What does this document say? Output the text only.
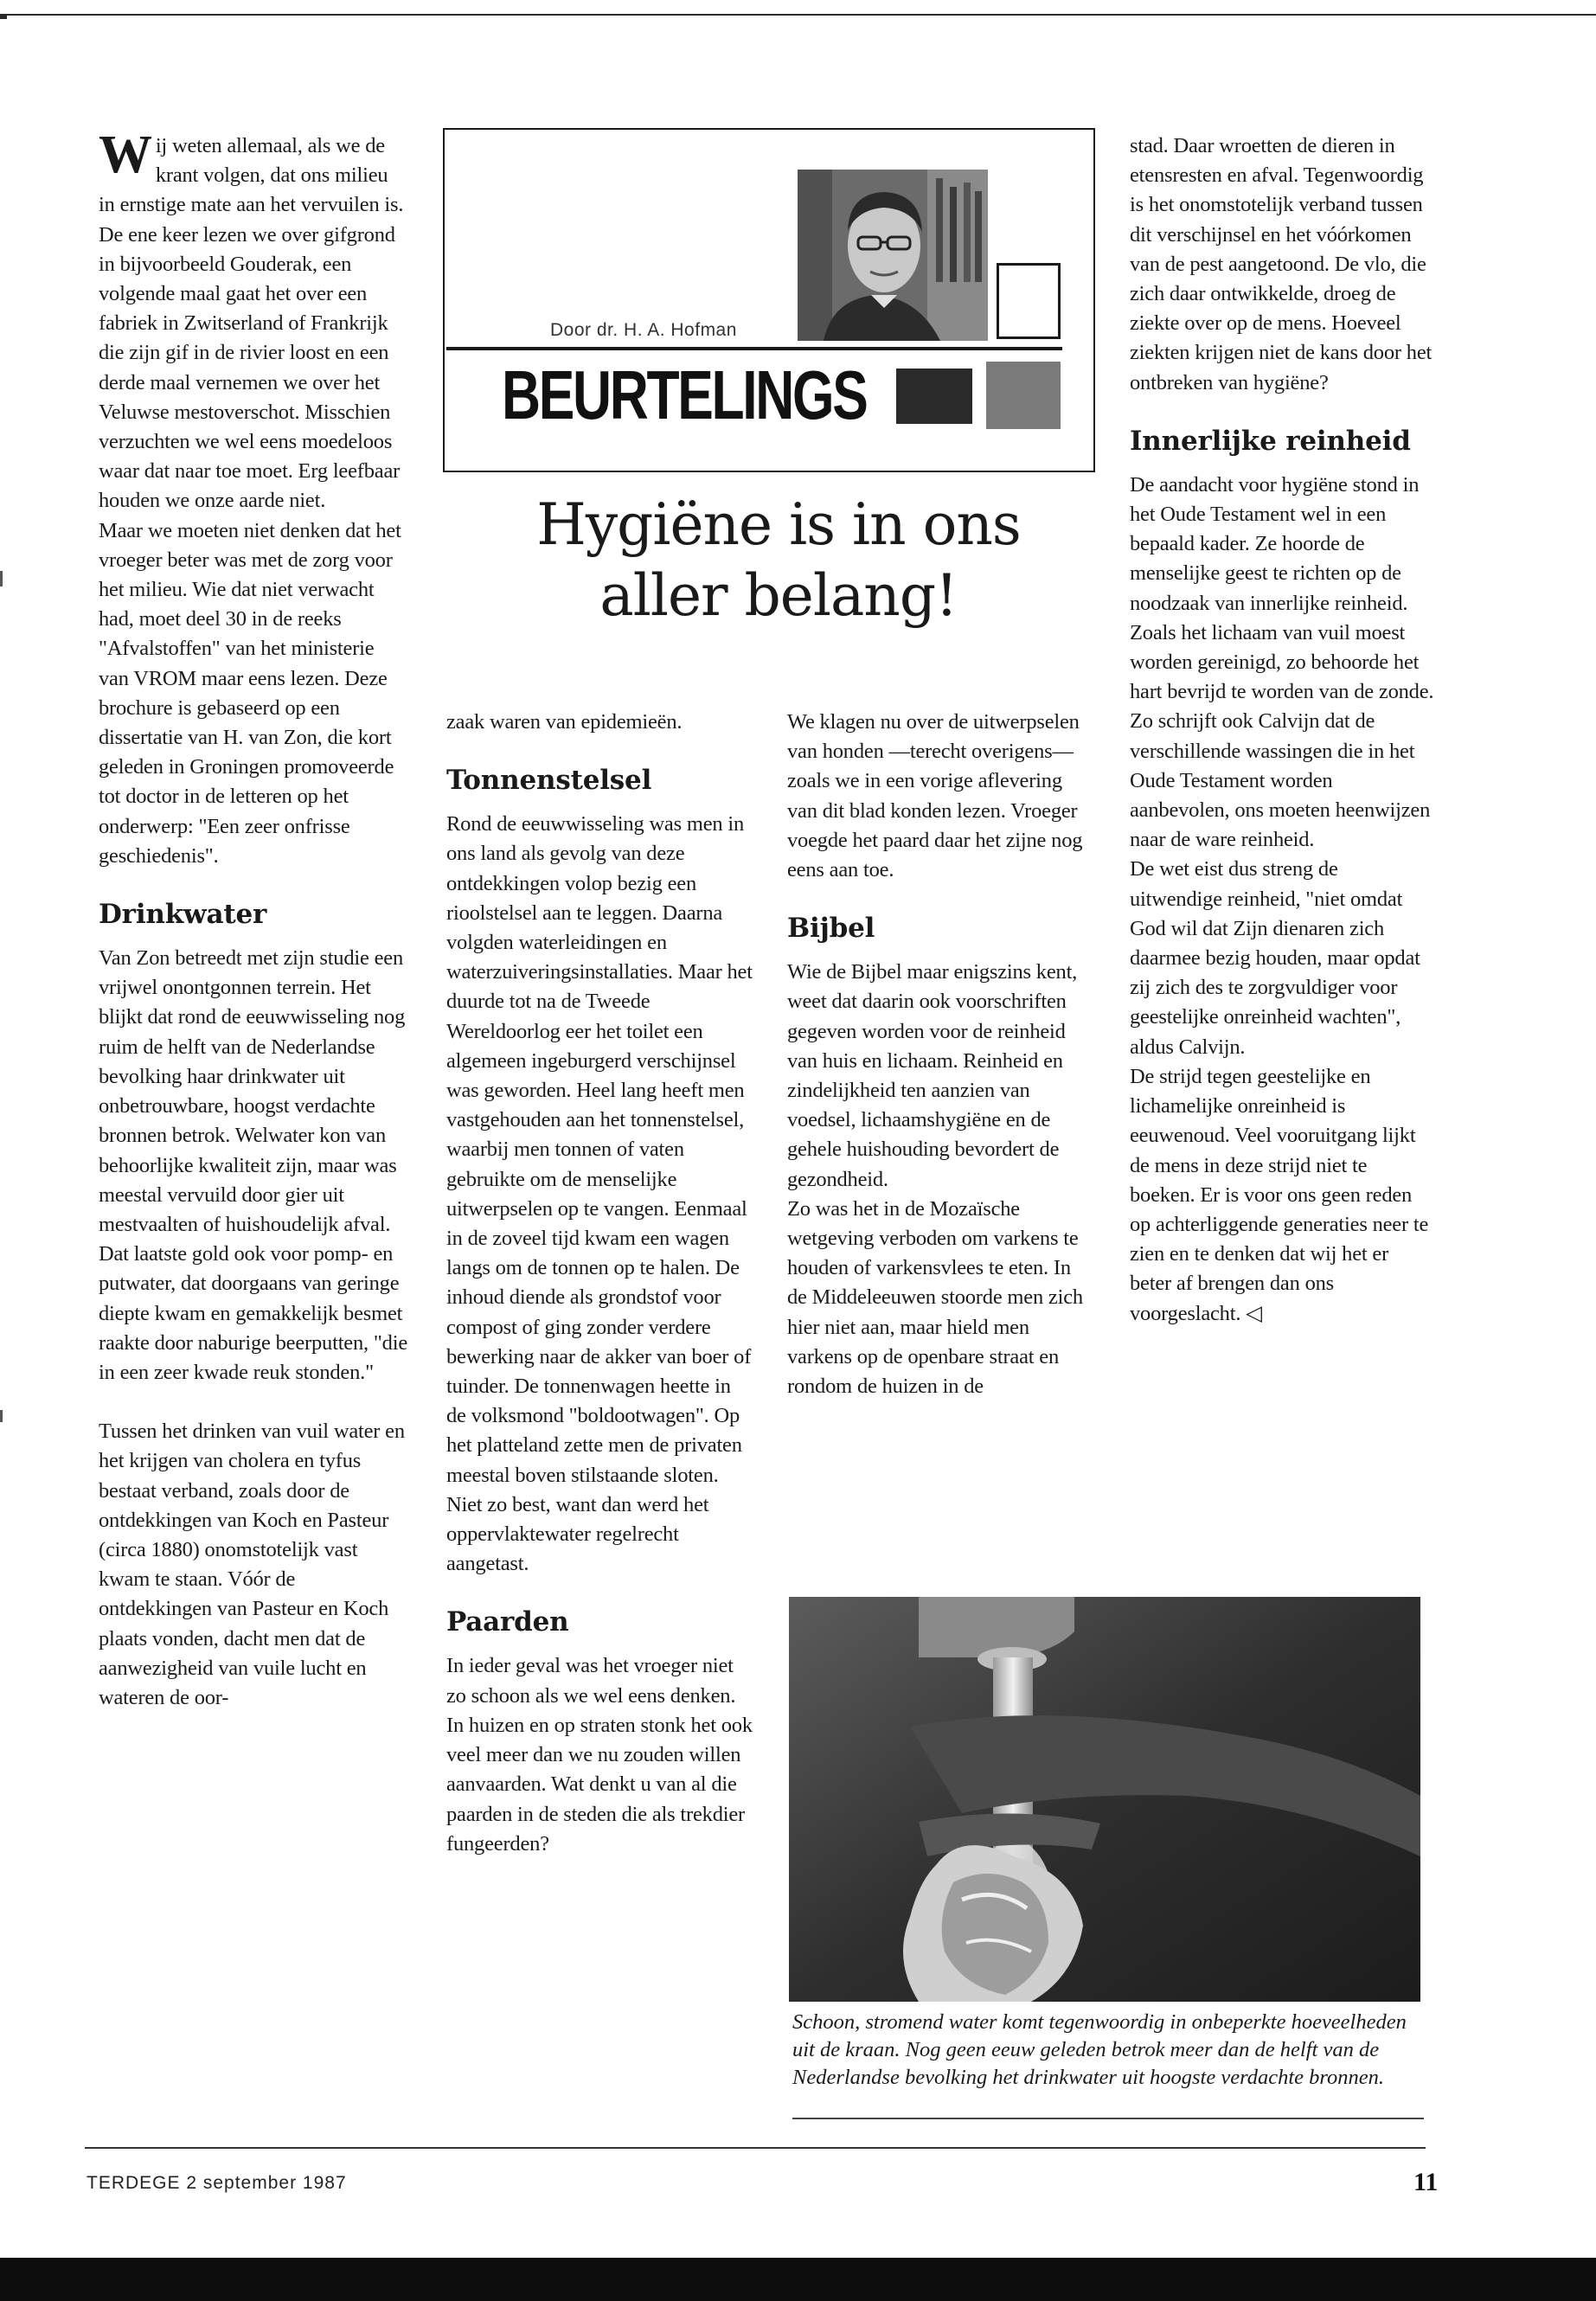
Door dr. H. A. Hofman
BEURTELINGS
Hygiëne is in ons aller belang!

Wij weten allemaal, als we de krant volgen, dat ons milieu in ernstige mate aan het vervuilen is. De ene keer lezen we over gifgrond in bijvoorbeeld Gouderak, een volgende maal gaat het over een fabriek in Zwitserland of Frankrijk die zijn gif in de rivier loost en een derde maal vernemen we over het Veluwse mestoverschot. Misschien verzuchten we wel eens moedeloos waar dat naar toe moet. Erg leefbaar houden we onze aarde niet.

Maar we moeten niet denken dat het vroeger beter was met de zorg voor het milieu. Wie dat niet verwacht had, moet deel 30 in de reeks "Afvalstoffen" van het ministerie van VROM maar eens lezen. Deze brochure is gebaseerd op een dissertatie van H. van Zon, die kort geleden in Groningen promoveerde tot doctor in de letteren op het onderwerp: "Een zeer onfrisse geschiedenis".

Drinkwater

Van Zon betreedt met zijn studie een vrijwel onontgonnen terrein. Het blijkt dat rond de eeuwwisseling nog ruim de helft van de Nederlandse bevolking haar drinkwater uit onbetrouwbare, hoogst verdachte bronnen betrok. Welwater kon van behoorlijke kwaliteit zijn, maar was meestal vervuild door gier uit mestvaalten of huishoudelijk afval. Dat laatste gold ook voor pomp- en putwater, dat doorgaans van geringe diepte kwam en gemakkelijk besmet raakte door naburige beerputten, "die in een zeer kwade reuk stonden."

Tussen het drinken van vuil water en het krijgen van cholera en tyfus bestaat verband, zoals door de ontdekkingen van Koch en Pasteur (circa 1880) onomstotelijk vast kwam te staan. Vóór de ontdekkingen van Pasteur en Koch plaats vonden, dacht men dat de aanwezigheid van vuile lucht en wateren de oor-

zaak waren van epidemieën.

Tonnenstelsel

Rond de eeuwwisseling was men in ons land als gevolg van deze ontdekkingen volop bezig een rioolstelsel aan te leggen. Daarna volgden waterleidingen en waterzuiveringsinstallaties. Maar het duurde tot na de Tweede Wereldoorlog eer het toilet een algemeen ingeburgerd verschijnsel was geworden. Heel lang heeft men vastgehouden aan het tonnenstelsel, waarbij men tonnen of vaten gebruikte om de menselijke uitwerpselen op te vangen. Eenmaal in de zoveel tijd kwam een wagen langs om de tonnen op te halen. De inhoud diende als grondstof voor compost of ging zonder verdere bewerking naar de akker van boer of tuinder. De tonnenwagen heette in de volksmond "boldootwagen". Op het platteland zette men de privaten meestal boven stilstaande sloten. Niet zo best, want dan werd het oppervlaktewater regelrecht aangetast.

Paarden

In ieder geval was het vroeger niet zo schoon als we wel eens denken. In huizen en op straten stonk het ook veel meer dan we nu zouden willen aanvaarden. Wat denkt u van al die paarden in de steden die als trekdier fungeerden?

We klagen nu over de uitwerpselen van honden —terecht overigens— zoals we in een vorige aflevering van dit blad konden lezen. Vroeger voegde het paard daar het zijne nog eens aan toe.

Bijbel

Wie de Bijbel maar enigszins kent, weet dat daarin ook voorschriften gegeven worden voor de reinheid van huis en lichaam. Reinheid en zindelijkheid ten aanzien van voedsel, lichaamshygiëne en de gehele huishouding bevordert de gezondheid.

Zo was het in de Mozaïsche wetgeving verboden om varkens te houden of varkensvlees te eten. In de Middeleeuwen stoorde men zich hier niet aan, maar hield men varkens op de openbare straat en rondom de huizen in de

stad. Daar wroetten de dieren in etensresten en afval. Tegenwoordig is het onomstotelijk verband tussen dit verschijnsel en het vóórkomen van de pest aangetoond. De vlo, die zich daar ontwikkelde, droeg de ziekte over op de mens. Hoeveel ziekten krijgen niet de kans door het ontbreken van hygiëne?

Innerlijke reinheid

De aandacht voor hygiëne stond in het Oude Testament wel in een bepaald kader. Ze hoorde de menselijke geest te richten op de noodzaak van innerlijke reinheid. Zoals het lichaam van vuil moest worden gereinigd, zo behoorde het hart bevrijd te worden van de zonde. Zo schrijft ook Calvijn dat de verschillende wassingen die in het Oude Testament worden aanbevolen, ons moeten heenwijzen naar de ware reinheid.

De wet eist dus streng de uitwendige reinheid, "niet omdat God wil dat Zijn dienaren zich daarmee bezig houden, maar opdat zij zich des te zorgvuldiger voor geestelijke onreinheid wachten", aldus Calvijn.

De strijd tegen geestelijke en lichamelijke onreinheid is eeuwenoud. Veel vooruitgang lijkt de mens in deze strijd niet te boeken. Er is voor ons geen reden op achterliggende generaties neer te zien en te denken dat wij het er beter af brengen dan ons voorgeslacht. ◁

Schoon, stromend water komt tegenwoordig in onbeperkte hoeveelheden uit de kraan. Nog geen eeuw geleden betrok meer dan de helft van de Nederlandse bevolking het drinkwater uit hoogste verdachte bronnen.
TERDEGE 2 september 1987	11
